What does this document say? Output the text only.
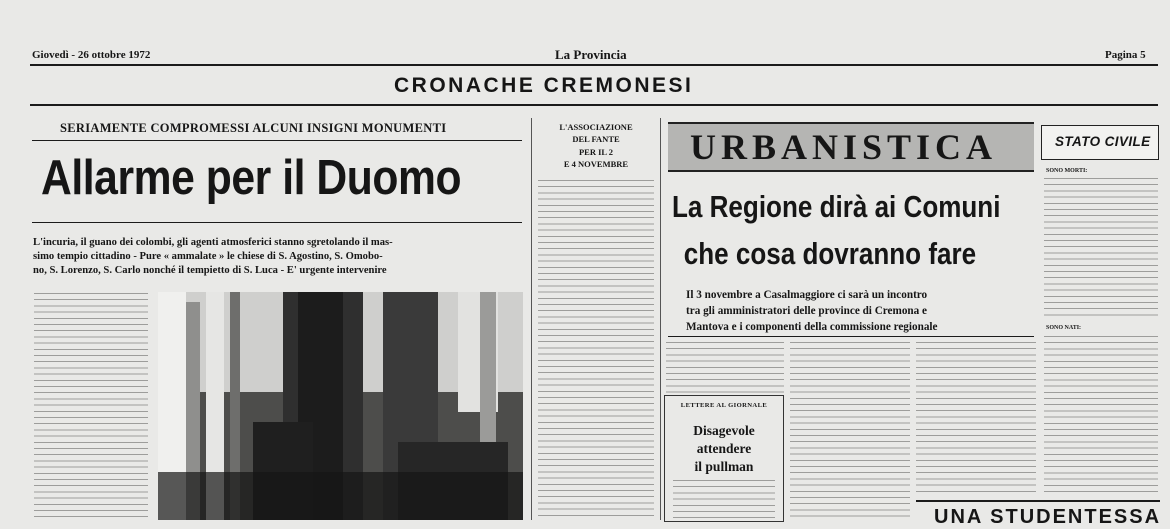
Giovedì - 26 ottobre 1972	La Provincia	Pagina 5
CRONACHE CREMONESI
SERIAMENTE COMPROMESSI ALCUNI INSIGNI MONUMENTI
Allarme per il Duomo
L'incuria, il guano dei colombi, gli agenti atmosferici stanno sgretolando il mas-
simo tempio cittadino - Pure « ammalate » le chiese di S. Agostino, S. Omobo-
no, S. Lorenzo, S. Carlo nonché il tempietto di S. Luca - E' urgente intervenire
L'ASSOCIAZIONE
DEL FANTE
PER IL 2
E 4 NOVEMBRE	URBANISTICA
La Regione dirà ai Comuni
che cosa dovranno fare
Il 3 novembre a Casalmaggiore ci sarà un incontro
tra gli amministratori delle province di Cremona e
Mantova e i componenti della commissione regionale
LETTERE AL GIORNALE
Disagevole
attendere
il pullman
STATO CIVILE
SONO MORTI:
SONO NATI:
UNA STUDENTESSA
